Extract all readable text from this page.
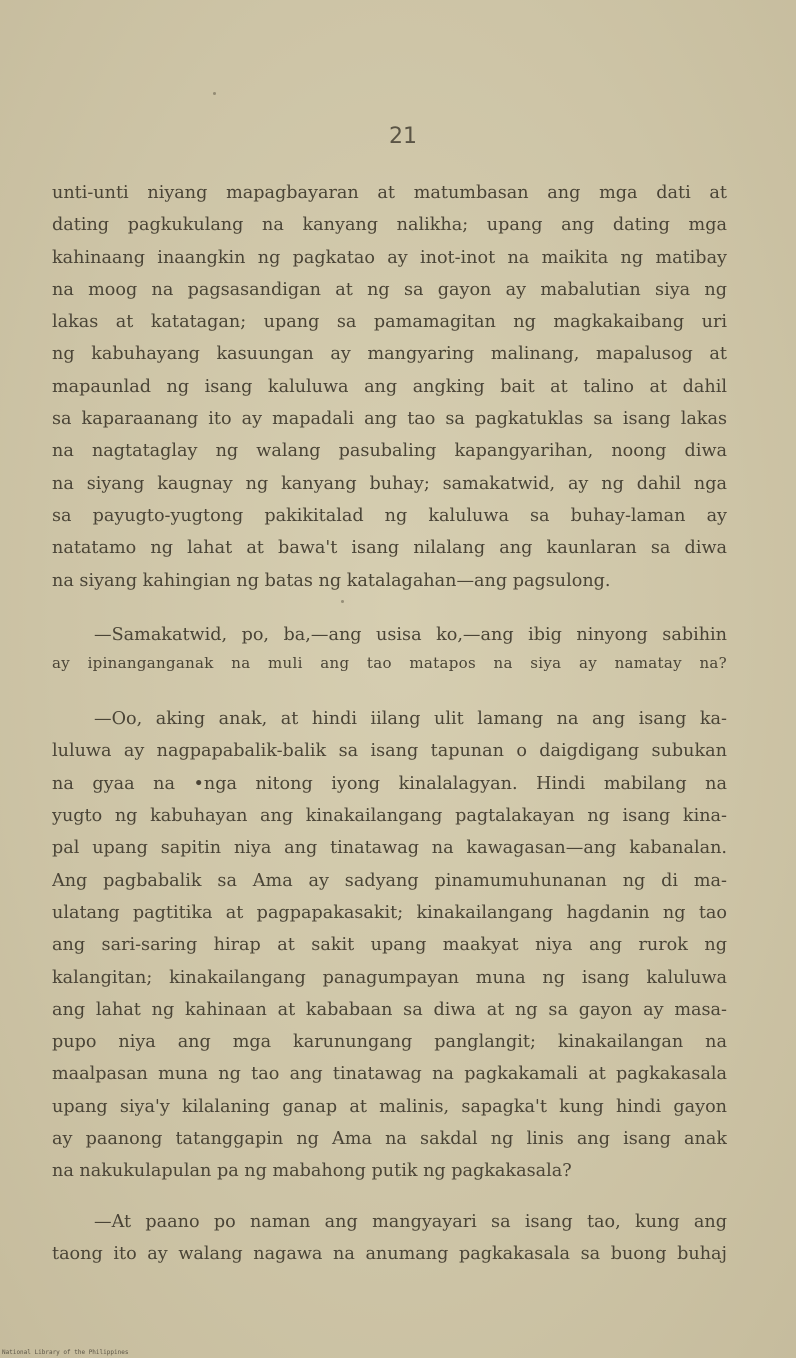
21
unti-unti niyang mapagbayaran at matumbasan ang mga dati at
dating pagkukulang na kanyang nalikha; upang ang dating mga
kahinaang inaangkin ng pagkatao ay inot-inot na maikita ng matibay
na moog na pagsasandigan at ng sa gayon ay mabalutian siya ng
lakas at katatagan; upang sa pamamagitan ng magkakaibang uri
ng kabuhayang kasuungan ay mangyaring malinang, mapalusog at
mapaunlad ng isang kaluluwa ang angking bait at talino at dahil
sa kaparaanang ito ay mapadali ang tao sa pagkatuklas sa isang lakas
na nagtataglay ng walang pasubaling kapangyarihan, noong diwa
na siyang kaugnay ng kanyang buhay; samakatwid, ay ng dahil nga
sa payugto-yugtong pakikitalad ng kaluluwa sa buhay-laman ay
natatamo ng lahat at bawa't isang nilalang ang kaunlaran sa diwa
na siyang kahingian ng batas ng katalagahan—ang pagsulong.
—Samakatwid, po, ba,—ang usisa ko,—ang ibig ninyong sabihin
ay ipinanganganak na muli ang tao matapos na siya ay namatay na?
—Oo, aking anak, at hindi iilang ulit lamang na ang isang ka-
luluwa ay nagpapabalik-balik sa isang tapunan o daigdigang subukan
na gyaa na •nga nitong iyong kinalalagyan. Hindi mabilang na
yugto ng kabuhayan ang kinakailangang pagtalakayan ng isang kina-
pal upang sapitin niya ang tinatawag na kawagasan—ang kabanalan.
Ang pagbabalik sa Ama ay sadyang pinamumuhunanan ng di ma-
ulatang pagtitika at pagpapakasakit; kinakailangang hagdanin ng tao
ang sari-saring hirap at sakit upang maakyat niya ang rurok ng
kalangitan; kinakailangang panagumpayan muna ng isang kaluluwa
ang lahat ng kahinaan at kababaan sa diwa at ng sa gayon ay masa-
pupo niya ang mga karunungang panglangit; kinakailangan na
maalpasan muna ng tao ang tinatawag na pagkakamali at pagkakasala
upang siya'y kilalaning ganap at malinis, sapagka't kung hindi gayon
ay paanong tatanggapin ng Ama na sakdal ng linis ang isang anak
na nakukulapulan pa ng mabahong putik ng pagkakasala?
—At paano po naman ang mangyayari sa isang tao, kung ang
taong ito ay walang nagawa na anumang pagkakasala sa buong buhaj
National Library of the Philippines
